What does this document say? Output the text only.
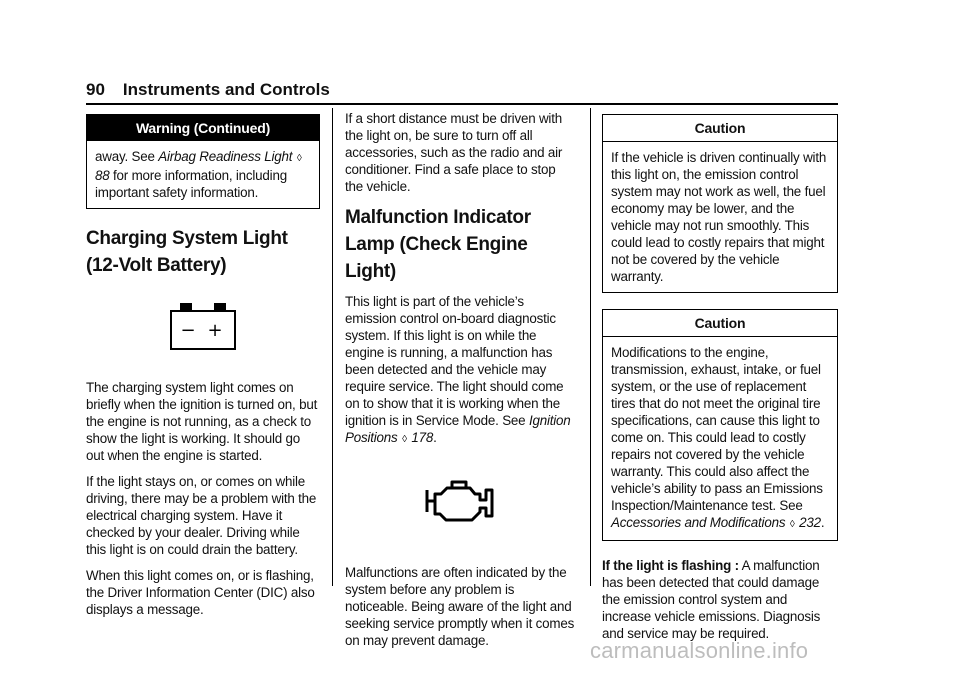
90 Instruments and Controls
Warning (Continued)
away. See Airbag Readiness Light ◊ 88 for more information, including important safety information.
Charging System Light (12-Volt Battery)
− +

The charging system light comes on briefly when the ignition is turned on, but the engine is not running, as a check to show the light is working. It should go out when the engine is started.

If the light stays on, or comes on while driving, there may be a problem with the electrical charging system. Have it checked by your dealer. Driving while this light is on could drain the battery.

When this light comes on, or is flashing, the Driver Information Center (DIC) also displays a message.

If a short distance must be driven with the light on, be sure to turn off all accessories, such as the radio and air conditioner. Find a safe place to stop the vehicle.

Malfunction Indicator Lamp (Check Engine Light)

This light is part of the vehicle’s emission control on-board diagnostic system. If this light is on while the engine is running, a malfunction has been detected and the vehicle may require service. The light should come on to show that it is working when the ignition is in Service Mode. See Ignition Positions ◊ 178.

Malfunctions are often indicated by the system before any problem is noticeable. Being aware of the light and seeking service promptly when it comes on may prevent damage.

Caution
If the vehicle is driven continually with this light on, the emission control system may not work as well, the fuel economy may be lower, and the vehicle may not run smoothly. This could lead to costly repairs that might not be covered by the vehicle warranty.
Caution
Modifications to the engine, transmission, exhaust, intake, or fuel system, or the use of replacement tires that do not meet the original tire specifications, can cause this light to come on. This could lead to costly repairs not covered by the vehicle warranty. This could also affect the vehicle’s ability to pass an Emissions Inspection/Maintenance test. See
Accessories and Modifications ◊ 232.

If the light is flashing : A malfunction has been detected that could damage the emission control system and increase vehicle emissions. Diagnosis and service may be required.

carmanualsonline.info
